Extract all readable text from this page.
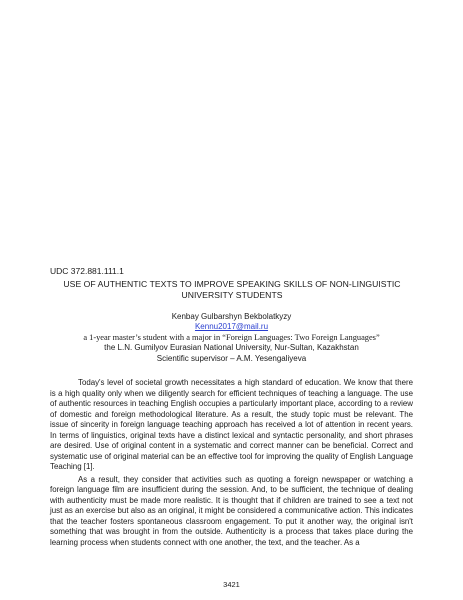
UDC 372.881.111.1
USE OF AUTHENTIC TEXTS TO IMPROVE SPEAKING SKILLS OF NON-LINGUISTIC UNIVERSITY STUDENTS
Kenbay Gulbarshyn Bekbolatkyzy
Kennu2017@mail.ru
a 1-year master’s student with a major in “Foreign Languages: Two Foreign Languages”
the L.N. Gumilyov Eurasian National University, Nur-Sultan, Kazakhstan
Scientific supervisor – A.M. Yesengaliyeva

Today's level of societal growth necessitates a high standard of education. We know that there is a high quality only when we diligently search for efficient techniques of teaching a language. The use of authentic resources in teaching English occupies a particularly important place, according to a review of domestic and foreign methodological literature. As a result, the study topic must be relevant. The issue of sincerity in foreign language teaching approach has received a lot of attention in recent years. In terms of linguistics, original texts have a distinct lexical and syntactic personality, and short phrases are desired. Use of original content in a systematic and correct manner can be beneficial. Correct and systematic use of original material can be an effective tool for improving the quality of English Language Teaching [1].

As a result, they consider that activities such as quoting a foreign newspaper or watching a foreign language film are insufficient during the session. And, to be sufficient, the technique of dealing with authenticity must be made more realistic. It is thought that if children are trained to see a text not just as an exercise but also as an original, it might be considered a communicative action. This indicates that the teacher fosters spontaneous classroom engagement. To put it another way, the original isn't something that was brought in from the outside. Authenticity is a process that takes place during the learning process when students connect with one another, the text, and the teacher. As a

3421
